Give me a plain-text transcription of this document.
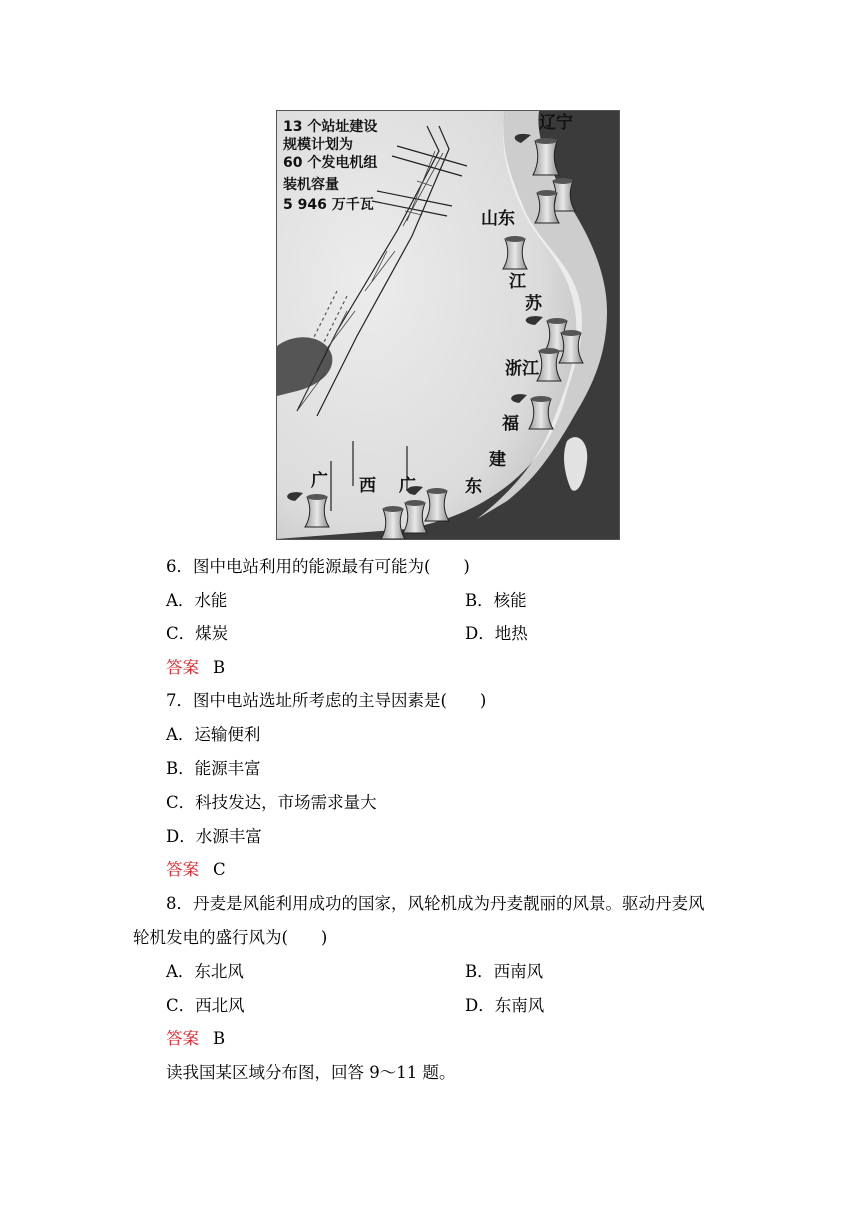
13 个站址建设
规模计划为
60 个发电机组
装机容量
5 946 万千瓦
辽宁
山东
江
苏
浙江
福
建
东
广 西 广
6．图中电站利用的能源最有可能为(　　)
A．水能	B．核能
C．煤炭	D．地热
答案 B
7．图中电站选址所考虑的主导因素是(　　)
A．运输便利
B．能源丰富
C．科技发达，市场需求量大
D．水源丰富
答案 C
8．丹麦是风能利用成功的国家，风轮机成为丹麦靓丽的风景。驱动丹麦风
轮机发电的盛行风为(　　)
A．东北风	B．西南风
C．西北风	D．东南风
答案 B
读我国某区域分布图，回答 9～11 题。
